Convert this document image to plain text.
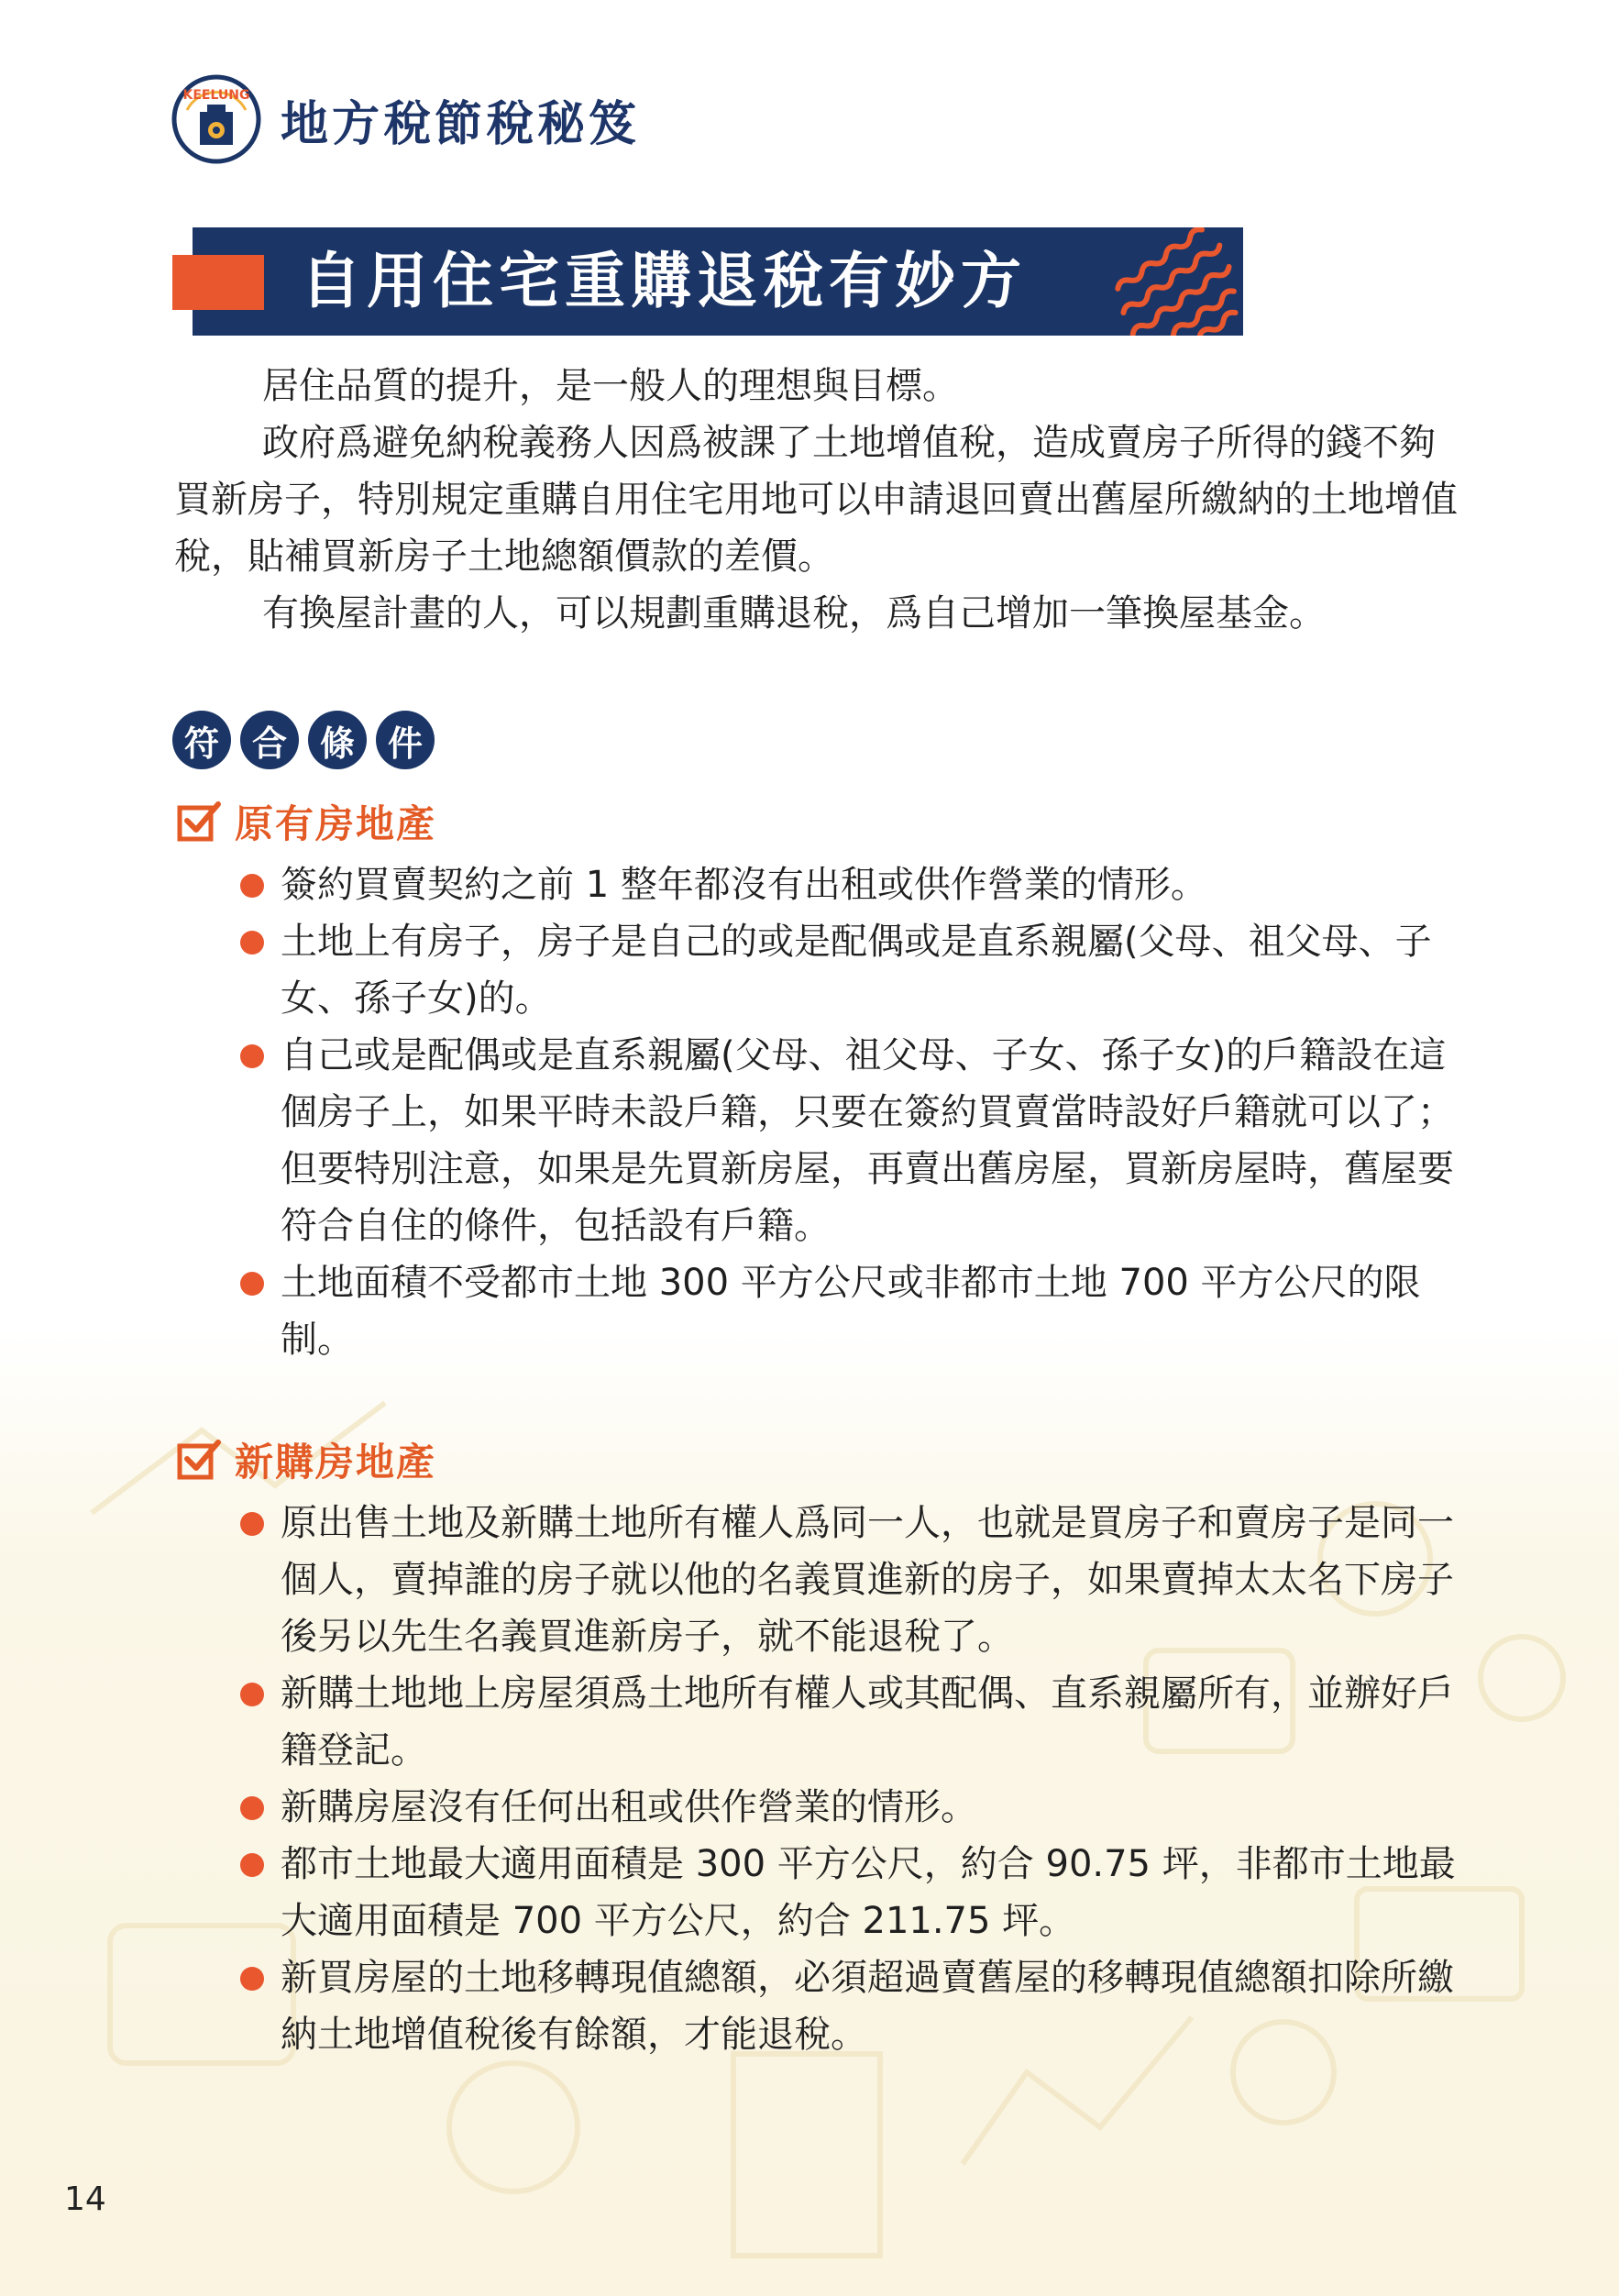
KEELUNG
地方稅節稅秘笈
自用住宅重購退稅有妙方

居住品質的提升，是一般人的理想與目標。

政府爲避免納稅義務人因爲被課了土地增值稅，造成賣房子所得的錢不夠買新房子，特別規定重購自用住宅用地可以申請退回賣出舊屋所繳納的土地增值稅，貼補買新房子土地總額價款的差價。

有換屋計畫的人，可以規劃重購退稅，爲自己增加一筆換屋基金。

符 合 條 件
原有房地產
簽約買賣契約之前 1 整年都沒有出租或供作營業的情形。
土地上有房子，房子是自己的或是配偶或是直系親屬(父母、祖父母、子女、孫子女)的。
自己或是配偶或是直系親屬(父母、祖父母、子女、孫子女)的戶籍設在這個房子上，如果平時未設戶籍，只要在簽約買賣當時設好戶籍就可以了；但要特別注意，如果是先買新房屋，再賣出舊房屋，買新房屋時，舊屋要符合自住的條件，包括設有戶籍。
土地面積不受都市土地 300 平方公尺或非都市土地 700 平方公尺的限制。
新購房地產
原出售土地及新購土地所有權人爲同一人，也就是買房子和賣房子是同一個人，賣掉誰的房子就以他的名義買進新的房子，如果賣掉太太名下房子後另以先生名義買進新房子，就不能退稅了。
新購土地地上房屋須爲土地所有權人或其配偶、直系親屬所有，並辦好戶籍登記。
新購房屋沒有任何出租或供作營業的情形。
都市土地最大適用面積是 300 平方公尺，約合 90.75 坪，非都市土地最大適用面積是 700 平方公尺，約合 211.75 坪。
新買房屋的土地移轉現值總額，必須超過賣舊屋的移轉現值總額扣除所繳納土地增值稅後有餘額，才能退稅。
14
